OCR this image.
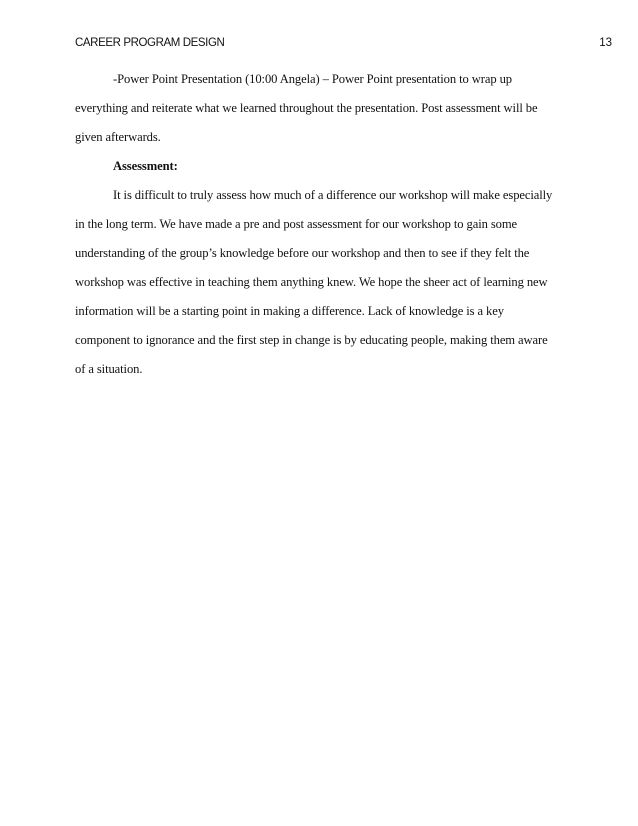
CAREER PROGRAM DESIGN	13

-Power Point Presentation (10:00 Angela) – Power Point presentation to wrap up everything and reiterate what we learned throughout the presentation. Post assessment will be given afterwards.

Assessment:

It is difficult to truly assess how much of a difference our workshop will make especially in the long term. We have made a pre and post assessment for our workshop to gain some understanding of the group’s knowledge before our workshop and then to see if they felt the workshop was effective in teaching them anything knew. We hope the sheer act of learning new information will be a starting point in making a difference. Lack of knowledge is a key component to ignorance and the first step in change is by educating people, making them aware of a situation.
